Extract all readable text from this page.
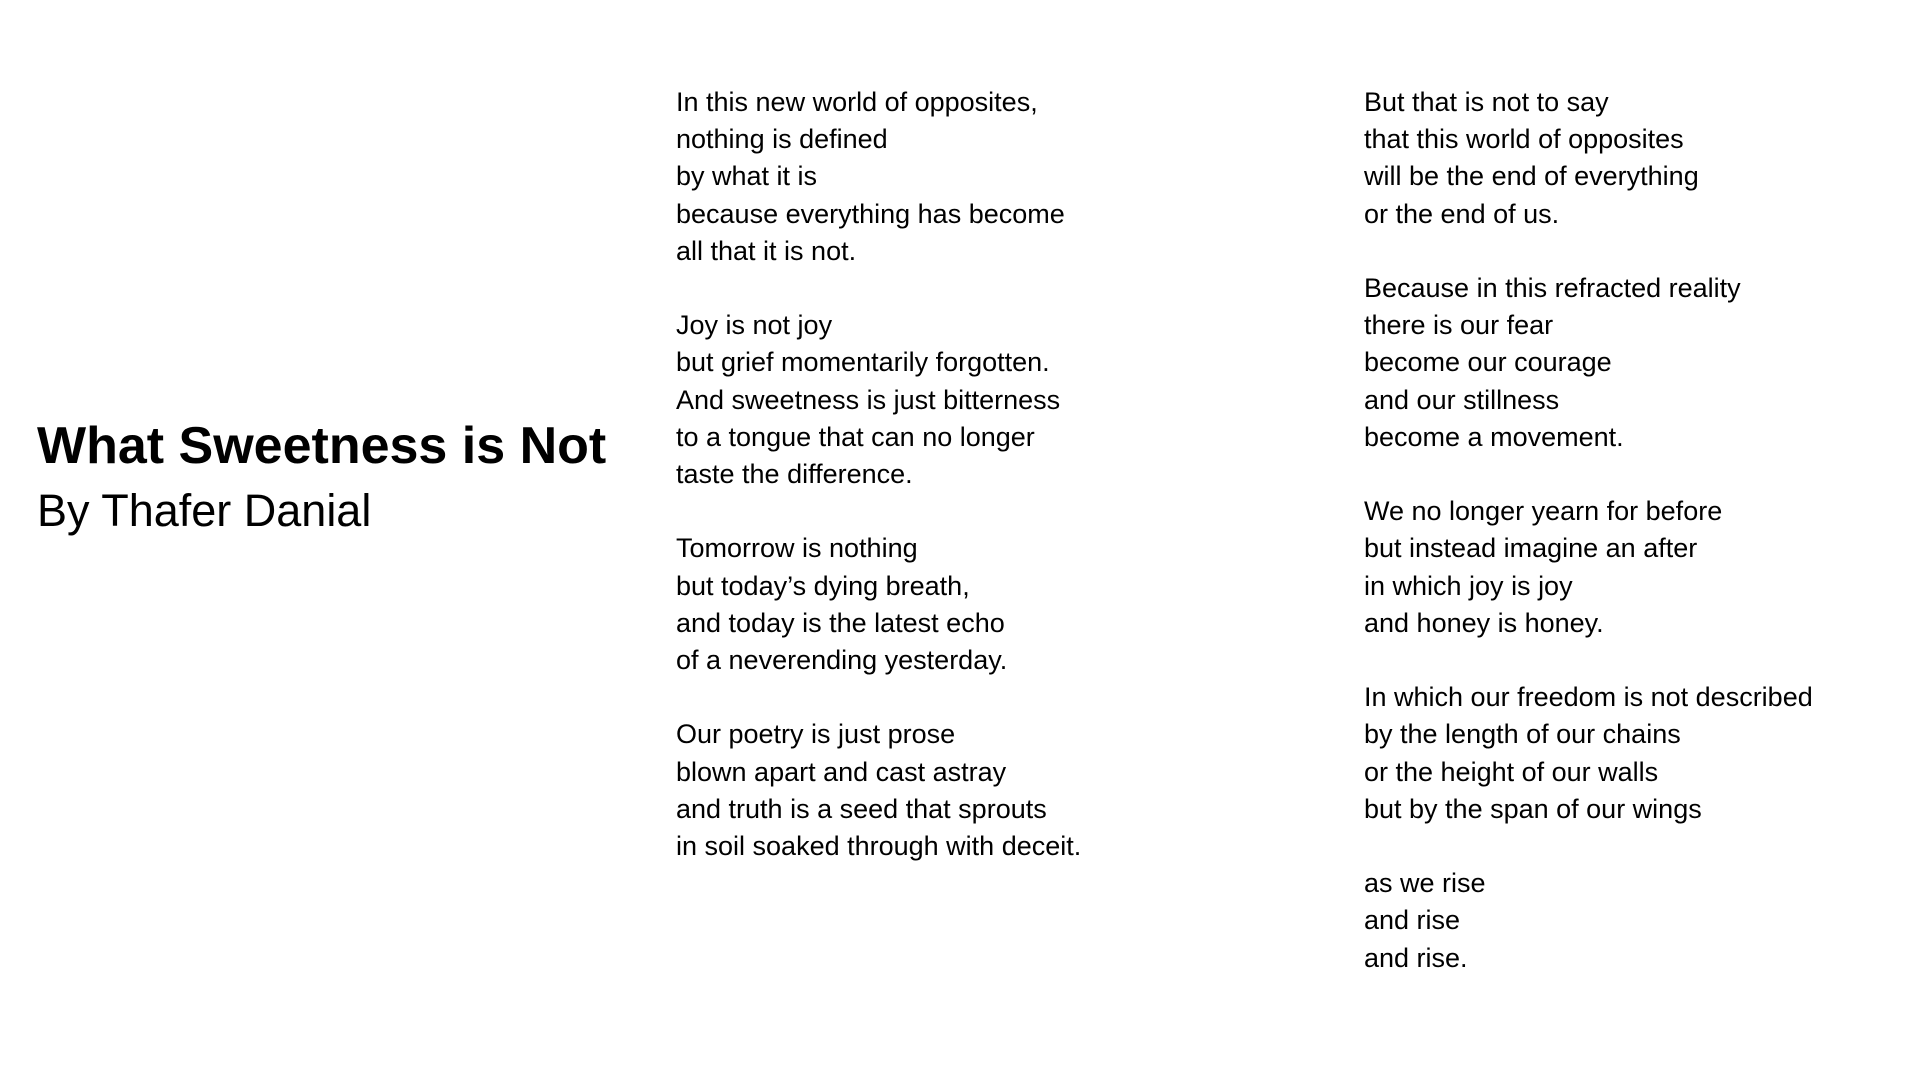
What Sweetness is Not

By Thafer Danial

In this new world of opposites,
nothing is defined
by what it is
because everything has become
all that it is not.
Joy is not joy
but grief momentarily forgotten.
And sweetness is just bitterness
to a tongue that can no longer
taste the difference.
Tomorrow is nothing
but today’s dying breath,
and today is the latest echo
of a neverending yesterday.
Our poetry is just prose
blown apart and cast astray
and truth is a seed that sprouts
in soil soaked through with deceit.
But that is not to say
that this world of opposites
will be the end of everything
or the end of us.
Because in this refracted reality
there is our fear
become our courage
and our stillness
become a movement.
We no longer yearn for before
but instead imagine an after
in which joy is joy
and honey is honey.
In which our freedom is not described
by the length of our chains
or the height of our walls
but by the span of our wings
as we rise
and rise
and rise.
